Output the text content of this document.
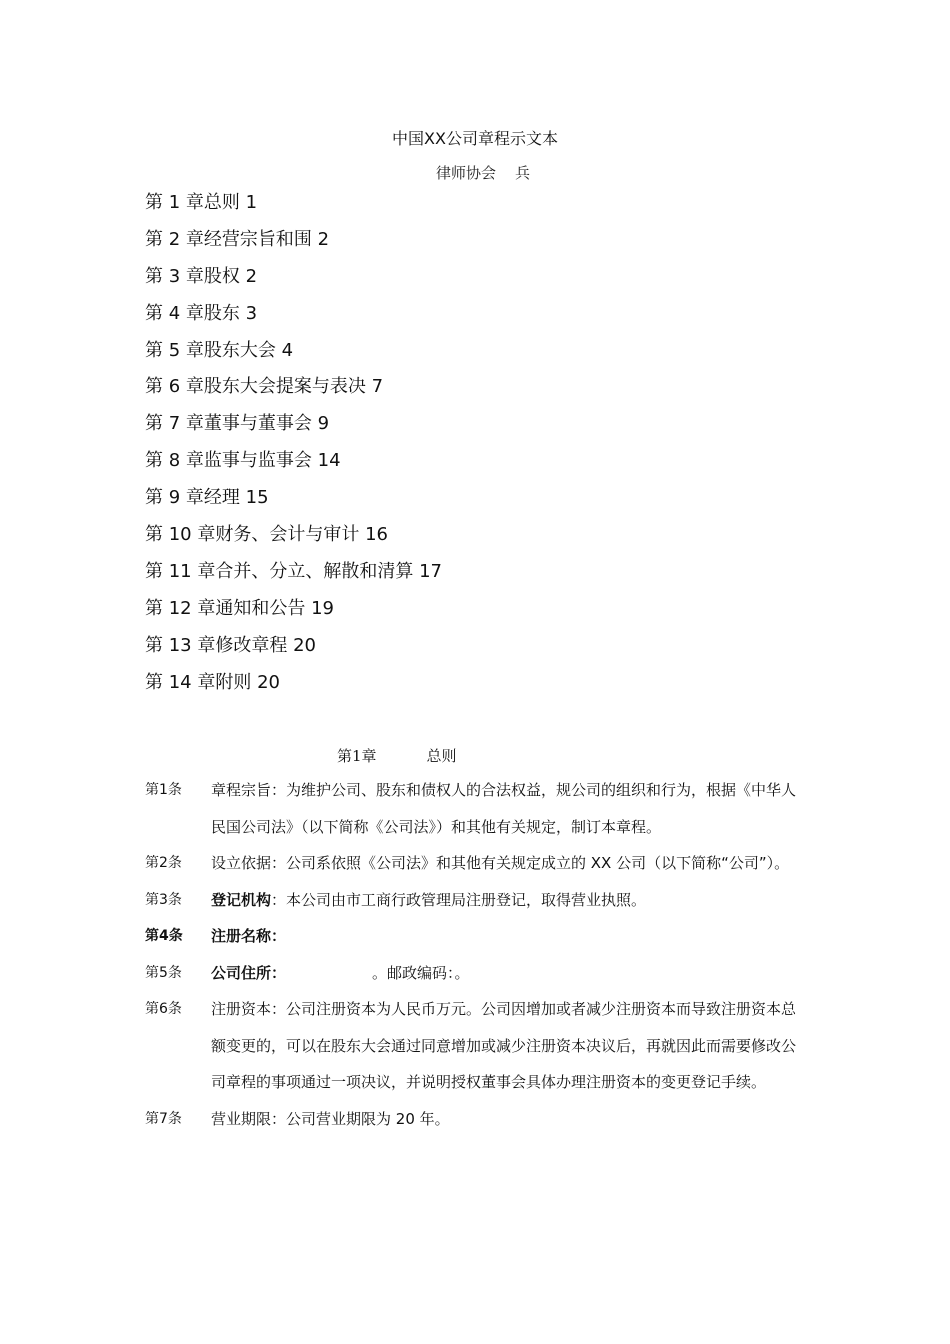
中国XX公司章程示文本
律师协会    兵
第 1 章总则 1
第 2 章经营宗旨和围 2
第 3 章股权 2
第 4 章股东 3
第 5 章股东大会 4
第 6 章股东大会提案与表决 7
第 7 章董事与董事会 9
第 8 章监事与监事会 14
第 9 章经理 15
第 10 章财务、会计与审计 16
第 11 章合并、分立、解散和清算 17
第 12 章通知和公告 19
第 13 章修改章程 20
第 14 章附则 20
第1章	总则
第1条	章程宗旨：为维护公司、股东和债权人的合法权益，规公司的组织和行为，根据《中华人民国公司法》（以下简称《公司法》）和其他有关规定，制订本章程。
第2条	设立依据：公司系依照《公司法》和其他有关规定成立的 XX 公司（以下简称“公司”）。
第3条	登记机构：本公司由市工商行政管理局注册登记，取得营业执照。
第4条	注册名称：
第5条	公司住所：	。邮政编码：。
第6条	注册资本：公司注册资本为人民币万元。公司因增加或者减少注册资本而导致注册资本总额变更的，可以在股东大会通过同意增加或减少注册资本决议后，再就因此而需要修改公司章程的事项通过一项决议，并说明授权董事会具体办理注册资本的变更登记手续。
第7条	营业期限：公司营业期限为 20 年。
